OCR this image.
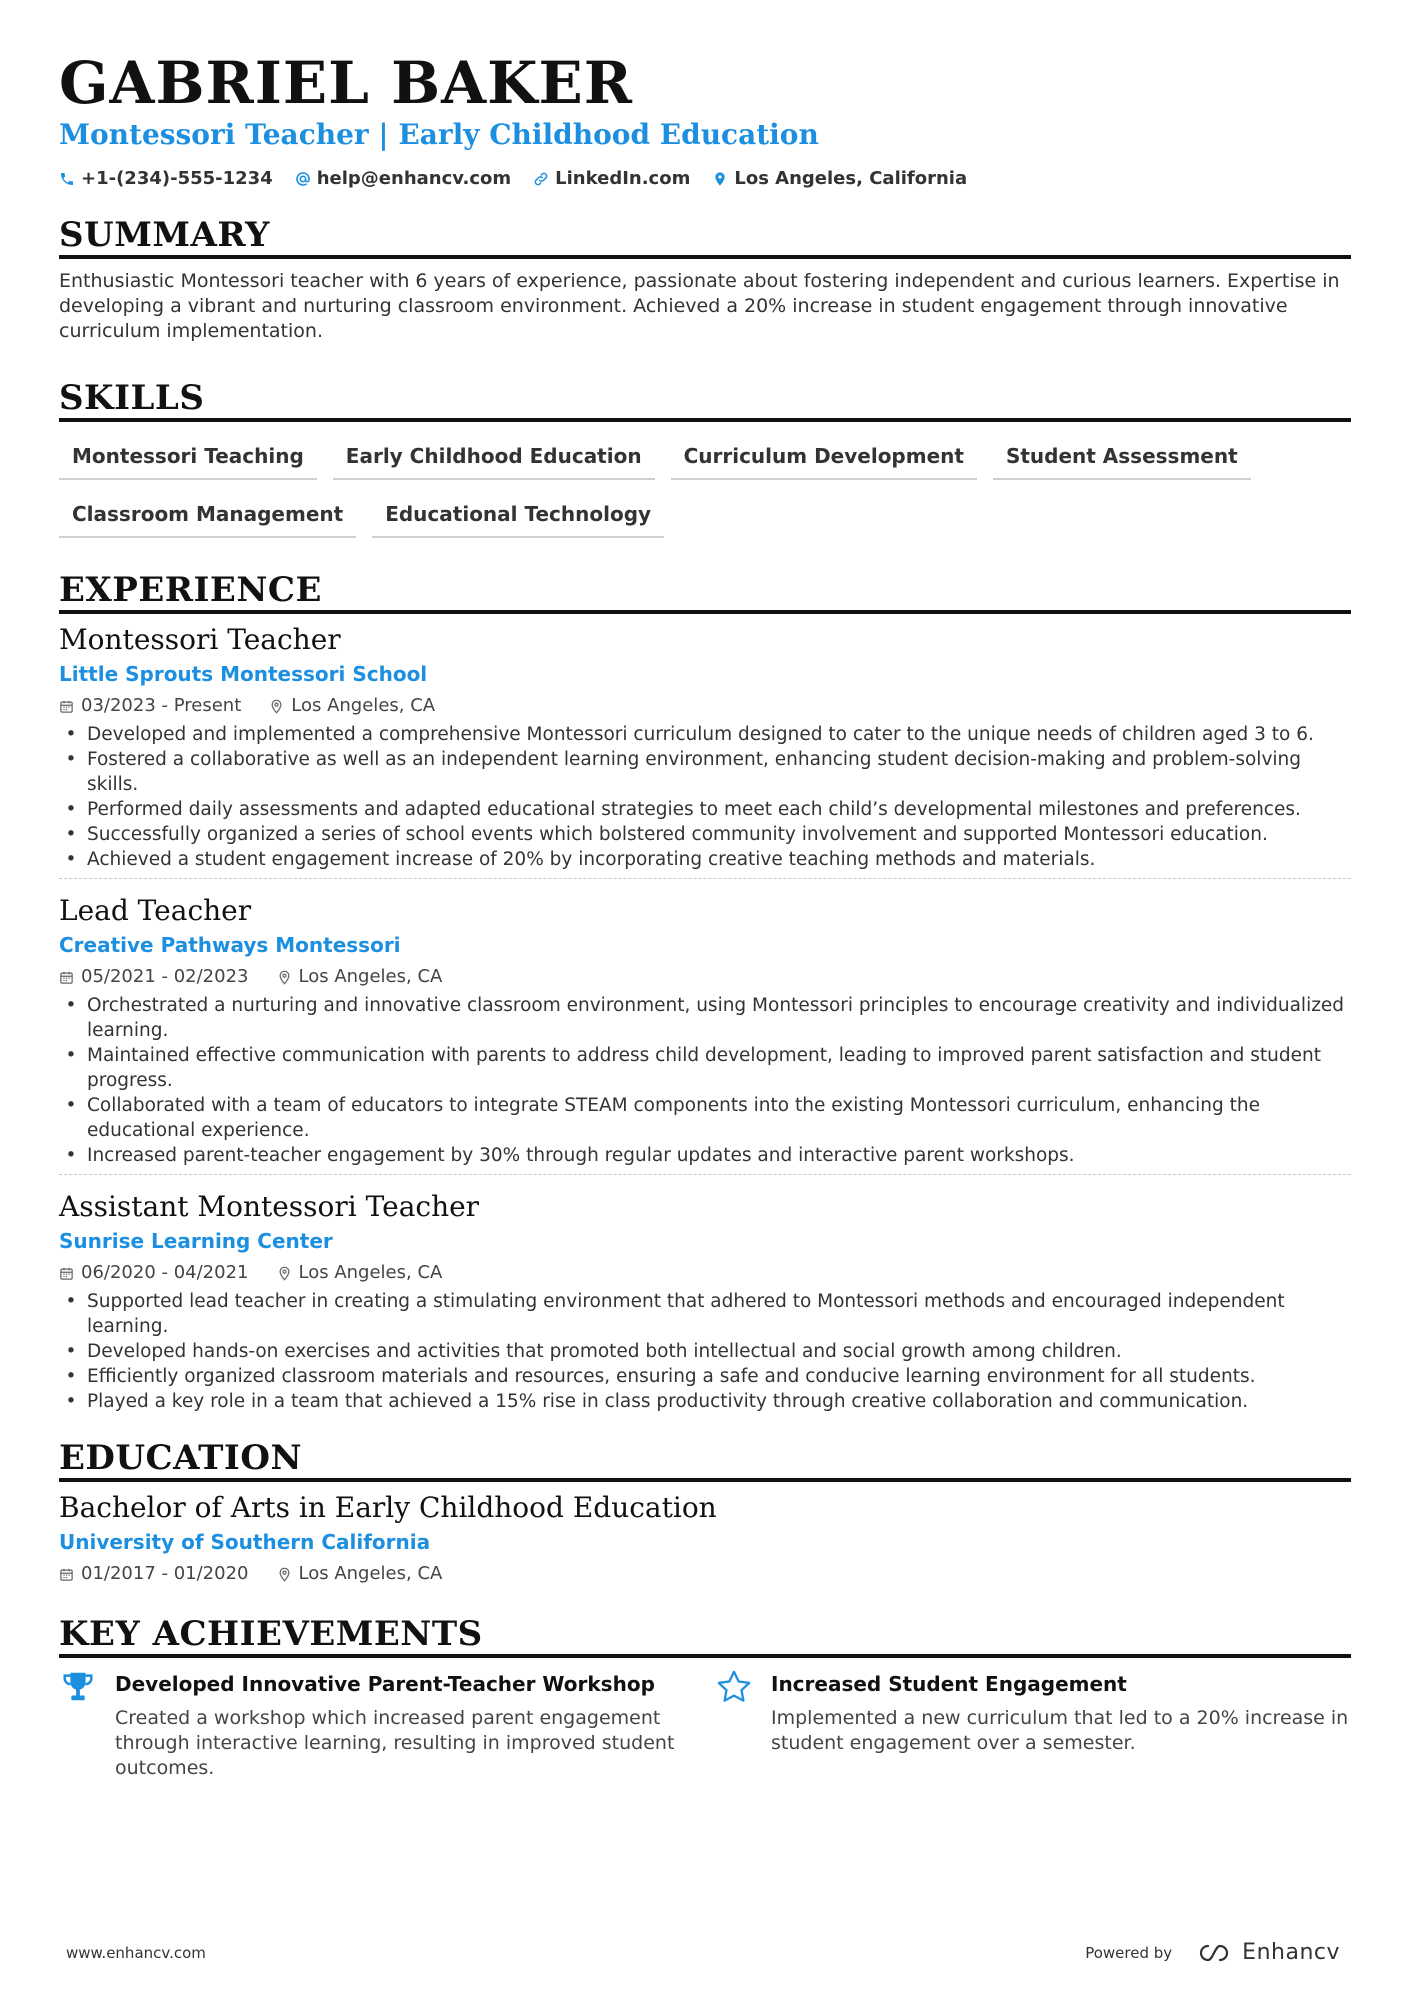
GABRIEL BAKER
Montessori Teacher | Early Childhood Education
+1-(234)-555-1234 help@enhancv.com LinkedIn.com Los Angeles, California
SUMMARY
Enthusiastic Montessori teacher with 6 years of experience, passionate about fostering independent and curious learners. Expertise in developing a vibrant and nurturing classroom environment. Achieved a 20% increase in student engagement through innovative curriculum implementation.
SKILLS
Montessori Teaching	Early Childhood Education	Curriculum Development	Student Assessment
Classroom Management	Educational Technology
EXPERIENCE
Montessori Teacher
Little Sprouts Montessori School
03/2023 - Present	Los Angeles, CA
• Developed and implemented a comprehensive Montessori curriculum designed to cater to the unique needs of children aged 3 to 6.
• Fostered a collaborative as well as an independent learning environment, enhancing student decision-making and problem-solving skills.
• Performed daily assessments and adapted educational strategies to meet each child’s developmental milestones and preferences.
• Successfully organized a series of school events which bolstered community involvement and supported Montessori education.
• Achieved a student engagement increase of 20% by incorporating creative teaching methods and materials.
Lead Teacher
Creative Pathways Montessori
05/2021 - 02/2023	Los Angeles, CA
• Orchestrated a nurturing and innovative classroom environment, using Montessori principles to encourage creativity and individualized learning.
• Maintained effective communication with parents to address child development, leading to improved parent satisfaction and student progress.
• Collaborated with a team of educators to integrate STEAM components into the existing Montessori curriculum, enhancing the educational experience.
• Increased parent-teacher engagement by 30% through regular updates and interactive parent workshops.
Assistant Montessori Teacher
Sunrise Learning Center
06/2020 - 04/2021	Los Angeles, CA
• Supported lead teacher in creating a stimulating environment that adhered to Montessori methods and encouraged independent learning.
• Developed hands-on exercises and activities that promoted both intellectual and social growth among children.
• Efficiently organized classroom materials and resources, ensuring a safe and conducive learning environment for all students.
• Played a key role in a team that achieved a 15% rise in class productivity through creative collaboration and communication.
EDUCATION
Bachelor of Arts in Early Childhood Education
University of Southern California
01/2017 - 01/2020	Los Angeles, CA
KEY ACHIEVEMENTS
Developed Innovative Parent-Teacher Workshop
Created a workshop which increased parent engagement through interactive learning, resulting in improved student outcomes.
Increased Student Engagement
Implemented a new curriculum that led to a 20% increase in student engagement over a semester.
www.enhancv.com	Powered by	Enhancv
